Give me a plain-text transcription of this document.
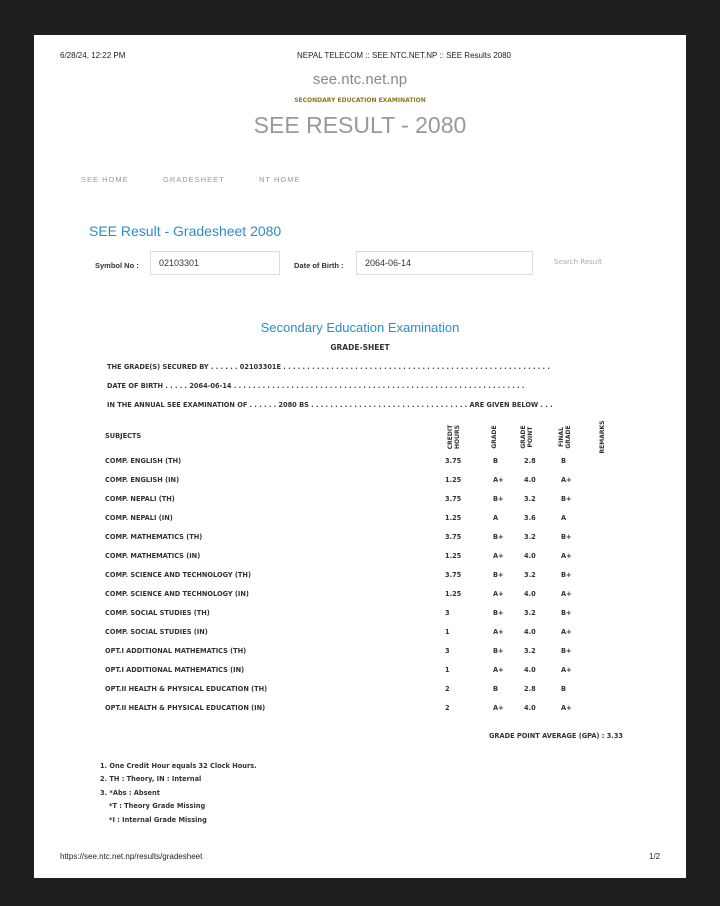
6/28/24, 12:22 PM	NEPAL TELECOM :: SEE.NTC.NET.NP :: SEE Results 2080
see.ntc.net.np
SECONDARY EDUCATION EXAMINATION
SEE RESULT - 2080
SEE HOME	GRADESHEET	NT HOME
SEE Result - Gradesheet 2080
Symbol No :	02103301	Date of Birth :	2064-06-14	Search Result
Secondary Education Examination
GRADE-SHEET
THE GRADE(S) SECURED BY . . . . . . 02103301E . . . . . . . . . . . . . . . . . . . . . . . . . . . . . . . . . . . . . . . . . . . . . . . . . . . . . . . .
DATE OF BIRTH . . . . . 2064-06-14 . . . . . . . . . . . . . . . . . . . . . . . . . . . . . . . . . . . . . . . . . . . . . . . . . . . . . . . . . . . . .
IN THE ANNUAL SEE EXAMINATION OF . . . . . . 2080 BS . . . . . . . . . . . . . . . . . . . . . . . . . . . . . . . . . ARE GIVEN BELOW . . .
SUBJECTS	CREDIT HOURS	GRADE	GRADE POINT	FINAL GRADE	REMARKS
COMP. ENGLISH (TH)	3.75	B	2.8	B
COMP. ENGLISH (IN)	1.25	A+	4.0	A+
COMP. NEPALI (TH)	3.75	B+	3.2	B+
COMP. NEPALI (IN)	1.25	A	3.6	A
COMP. MATHEMATICS (TH)	3.75	B+	3.2	B+
COMP. MATHEMATICS (IN)	1.25	A+	4.0	A+
COMP. SCIENCE AND TECHNOLOGY (TH)	3.75	B+	3.2	B+
COMP. SCIENCE AND TECHNOLOGY (IN)	1.25	A+	4.0	A+
COMP. SOCIAL STUDIES (TH)	3	B+	3.2	B+
COMP. SOCIAL STUDIES (IN)	1	A+	4.0	A+
OPT.I ADDITIONAL MATHEMATICS (TH)	3	B+	3.2	B+
OPT.I ADDITIONAL MATHEMATICS (IN)	1	A+	4.0	A+
OPT.II HEALTH & PHYSICAL EDUCATION (TH)	2	B	2.8	B
OPT.II HEALTH & PHYSICAL EDUCATION (IN)	2	A+	4.0	A+
GRADE POINT AVERAGE (GPA) : 3.33
1. One Credit Hour equals 32 Clock Hours.
2. TH : Theory, IN : Internal
3. *Abs : Absent
*T : Theory Grade Missing
*I : Internal Grade Missing
https://see.ntc.net.np/results/gradesheet	1/2
